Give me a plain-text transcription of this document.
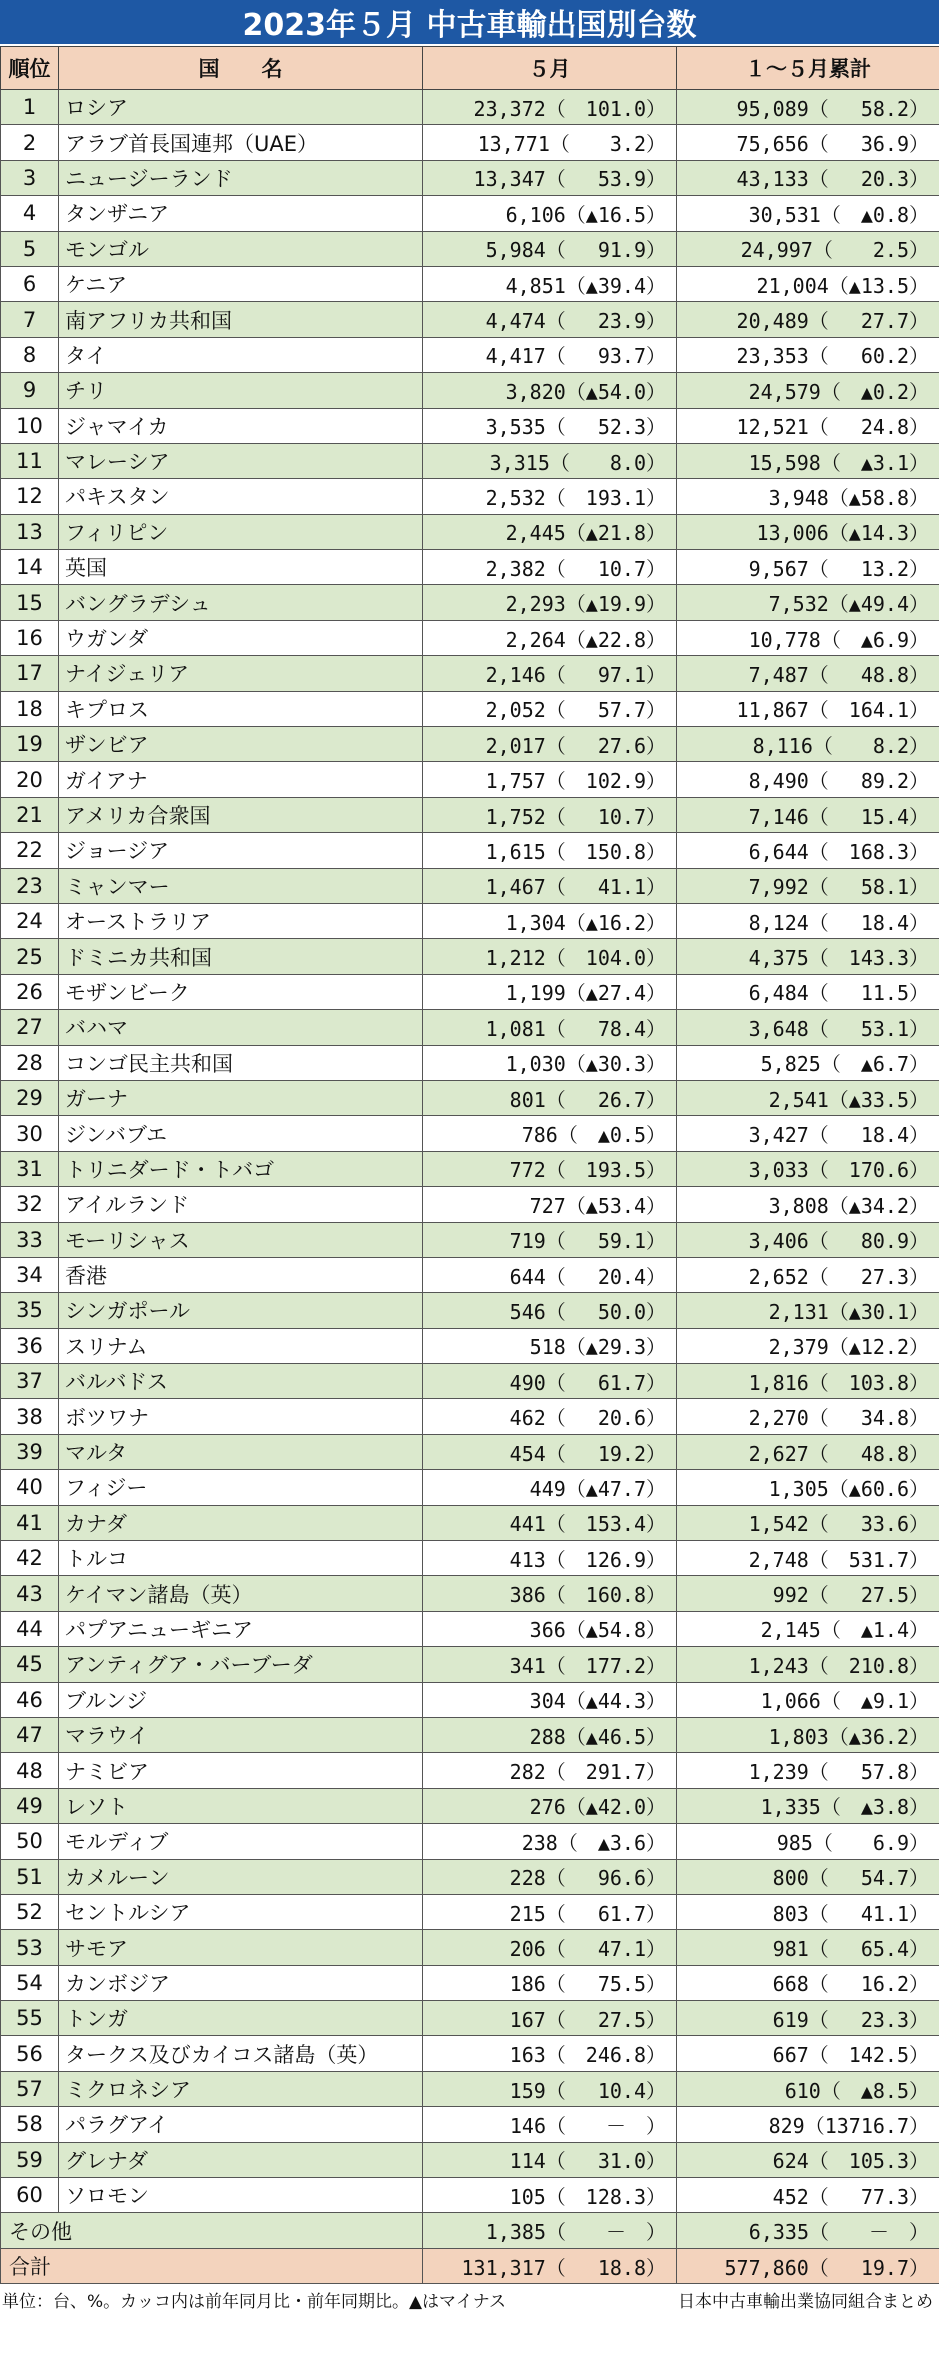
2023年５月 中古車輸出国別台数
順位	国　　名	５月	１～５月累計
1	ロシア	23,372（　101.0）	95,089（　 58.2）
2	アラブ首長国連邦（UAE）	13,771（　　3.2）	75,656（　 36.9）
3	ニュージーランド	13,347（　 53.9）	43,133（　 20.3）
4	タンザニア	6,106（▲16.5）	30,531（　▲0.8）
5	モンゴル	5,984（　 91.9）	24,997（　　2.5）
6	ケニア	4,851（▲39.4）	21,004（▲13.5）
7	南アフリカ共和国	4,474（　 23.9）	20,489（　 27.7）
8	タイ	4,417（　 93.7）	23,353（　 60.2）
9	チリ	3,820（▲54.0）	24,579（　▲0.2）
10	ジャマイカ	3,535（　 52.3）	12,521（　 24.8）
11	マレーシア	3,315（　　8.0）	15,598（　▲3.1）
12	パキスタン	2,532（　193.1）	3,948（▲58.8）
13	フィリピン	2,445（▲21.8）	13,006（▲14.3）
14	英国	2,382（　 10.7）	9,567（　 13.2）
15	バングラデシュ	2,293（▲19.9）	7,532（▲49.4）
16	ウガンダ	2,264（▲22.8）	10,778（　▲6.9）
17	ナイジェリア	2,146（　 97.1）	7,487（　 48.8）
18	キプロス	2,052（　 57.7）	11,867（　164.1）
19	ザンビア	2,017（　 27.6）	8,116（　　8.2）
20	ガイアナ	1,757（　102.9）	8,490（　 89.2）
21	アメリカ合衆国	1,752（　 10.7）	7,146（　 15.4）
22	ジョージア	1,615（　150.8）	6,644（　168.3）
23	ミャンマー	1,467（　 41.1）	7,992（　 58.1）
24	オーストラリア	1,304（▲16.2）	8,124（　 18.4）
25	ドミニカ共和国	1,212（　104.0）	4,375（　143.3）
26	モザンビーク	1,199（▲27.4）	6,484（　 11.5）
27	バハマ	1,081（　 78.4）	3,648（　 53.1）
28	コンゴ民主共和国	1,030（▲30.3）	5,825（　▲6.7）
29	ガーナ	801（　 26.7）	2,541（▲33.5）
30	ジンバブエ	786（　▲0.5）	3,427（　 18.4）
31	トリニダード・トバゴ	772（　193.5）	3,033（　170.6）
32	アイルランド	727（▲53.4）	3,808（▲34.2）
33	モーリシャス	719（　 59.1）	3,406（　 80.9）
34	香港	644（　 20.4）	2,652（　 27.3）
35	シンガポール	546（　 50.0）	2,131（▲30.1）
36	スリナム	518（▲29.3）	2,379（▲12.2）
37	バルバドス	490（　 61.7）	1,816（　103.8）
38	ボツワナ	462（　 20.6）	2,270（　 34.8）
39	マルタ	454（　 19.2）	2,627（　 48.8）
40	フィジー	449（▲47.7）	1,305（▲60.6）
41	カナダ	441（　153.4）	1,542（　 33.6）
42	トルコ	413（　126.9）	2,748（　531.7）
43	ケイマン諸島（英）	386（　160.8）	992（　 27.5）
44	パプアニューギニア	366（▲54.8）	2,145（　▲1.4）
45	アンティグア・バーブーダ	341（　177.2）	1,243（　210.8）
46	ブルンジ	304（▲44.3）	1,066（　▲9.1）
47	マラウイ	288（▲46.5）	1,803（▲36.2）
48	ナミビア	282（　291.7）	1,239（　 57.8）
49	レソト	276（▲42.0）	1,335（　▲3.8）
50	モルディブ	238（　▲3.6）	985（　　6.9）
51	カメルーン	228（　 96.6）	800（　 54.7）
52	セントルシア	215（　 61.7）	803（　 41.1）
53	サモア	206（　 47.1）	981（　 65.4）
54	カンボジア	186（　 75.5）	668（　 16.2）
55	トンガ	167（　 27.5）	619（　 23.3）
56	タークス及びカイコス諸島（英）	163（　246.8）	667（　142.5）
57	ミクロネシア	159（　 10.4）	610（　▲8.5）
58	パラグアイ	146（　　－　）	829（13716.7）
59	グレナダ	114（　 31.0）	624（　105.3）
60	ソロモン	105（　128.3）	452（　 77.3）
その他		1,385（　　－　）	6,335（　　－　）
合計		131,317（　 18.8）	577,860（　 19.7）
単位：台、%。カッコ内は前年同月比・前年同期比。▲はマイナス	日本中古車輸出業協同組合まとめ
